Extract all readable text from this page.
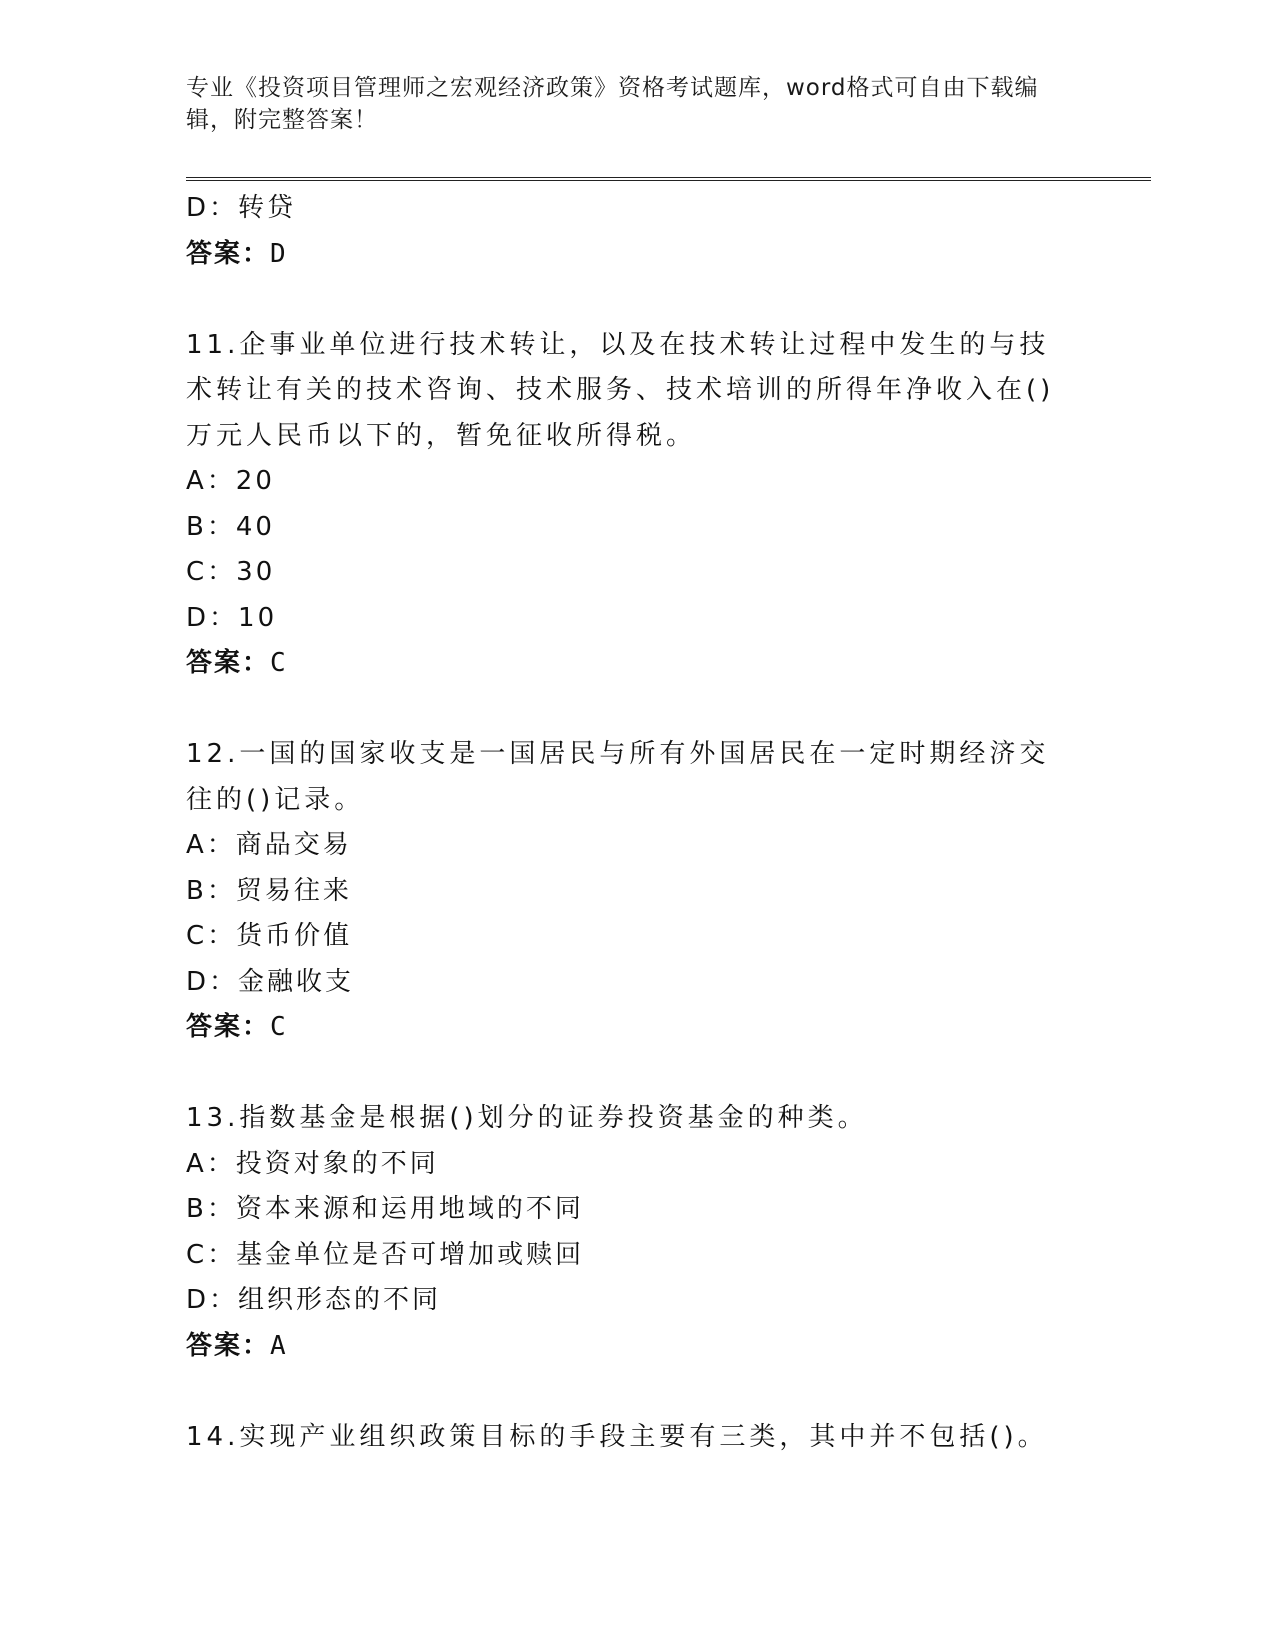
专业《投资项目管理师之宏观经济政策》资格考试题库，word格式可自由下载编辑，附完整答案！
D：转贷
答案：D
11.企事业单位进行技术转让，以及在技术转让过程中发生的与技术转让有关的技术咨询、技术服务、技术培训的所得年净收入在()万元人民币以下的，暂免征收所得税。
A：20
B：40
C：30
D：10
答案：C
12.一国的国家收支是一国居民与所有外国居民在一定时期经济交往的()记录。
A：商品交易
B：贸易往来
C：货币价值
D：金融收支
答案：C
13.指数基金是根据()划分的证券投资基金的种类。
A：投资对象的不同
B：资本来源和运用地域的不同
C：基金单位是否可增加或赎回
D：组织形态的不同
答案：A
14.实现产业组织政策目标的手段主要有三类，其中并不包括()。
